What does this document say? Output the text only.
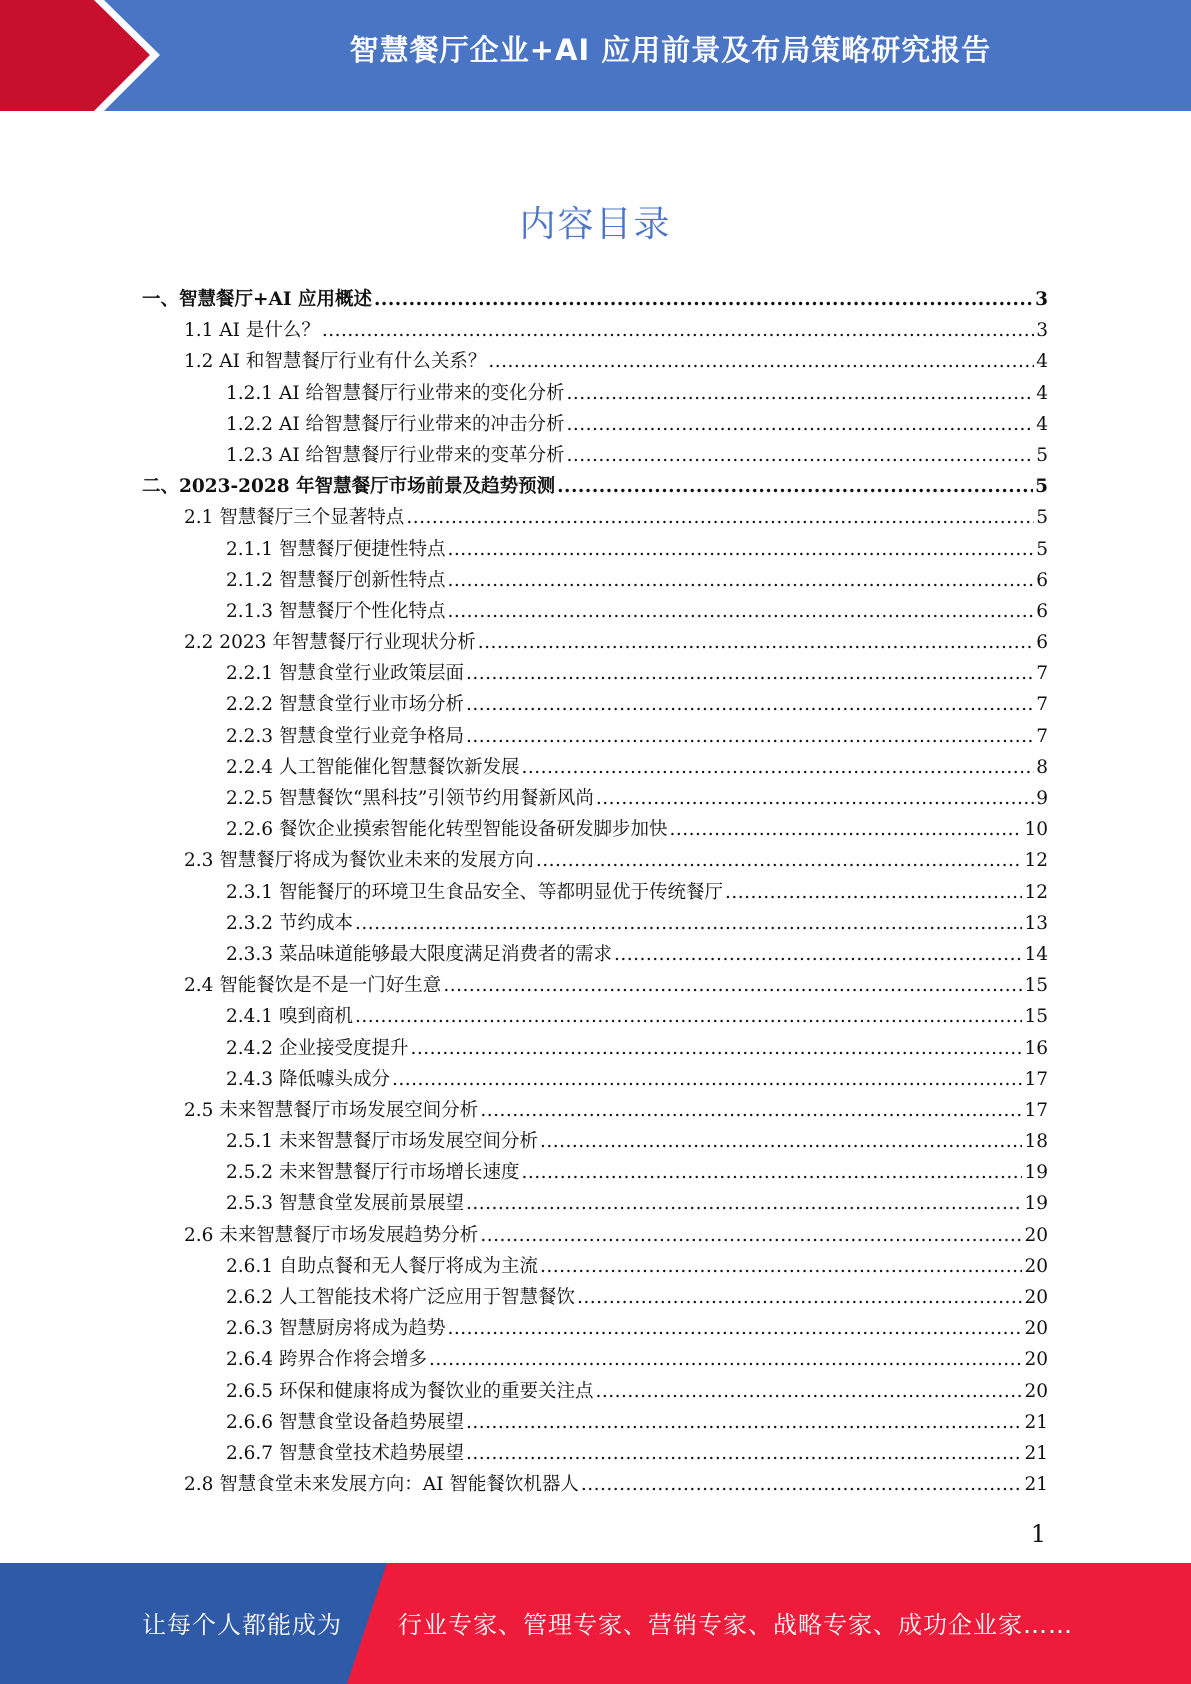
智慧餐厅企业+AI 应用前景及布局策略研究报告
内容目录
一、智慧餐厅+AI 应用概述 .....	3
1.1 AI 是什么？ .....	3
1.2 AI 和智慧餐厅行业有什么关系？ .....	4
1.2.1 AI 给智慧餐厅行业带来的变化分析 .....	4
1.2.2 AI 给智慧餐厅行业带来的冲击分析 .....	4
1.2.3 AI 给智慧餐厅行业带来的变革分析 .....	5
二、2023-2028 年智慧餐厅市场前景及趋势预测 .....	5
2.1 智慧餐厅三个显著特点 .....	5
2.1.1 智慧餐厅便捷性特点 .....	5
2.1.2 智慧餐厅创新性特点 .....	6
2.1.3 智慧餐厅个性化特点 .....	6
2.2 2023 年智慧餐厅行业现状分析 .....	6
2.2.1 智慧食堂行业政策层面 .....	7
2.2.2 智慧食堂行业市场分析 .....	7
2.2.3 智慧食堂行业竞争格局 .....	7
2.2.4 人工智能催化智慧餐饮新发展 .....	8
2.2.5 智慧餐饮“黑科技”引领节约用餐新风尚 .....	9
2.2.6 餐饮企业摸索智能化转型智能设备研发脚步加快 .....	10
2.3 智慧餐厅将成为餐饮业未来的发展方向 .....	12
2.3.1 智能餐厅的环境卫生食品安全、等都明显优于传统餐厅 .....	12
2.3.2 节约成本 .....	13
2.3.3 菜品味道能够最大限度满足消费者的需求 .....	14
2.4 智能餐饮是不是一门好生意 .....	15
2.4.1 嗅到商机 .....	15
2.4.2 企业接受度提升 .....	16
2.4.3 降低噱头成分 .....	17
2.5 未来智慧餐厅市场发展空间分析 .....	17
2.5.1 未来智慧餐厅市场发展空间分析 .....	18
2.5.2 未来智慧餐厅行市场增长速度 .....	19
2.5.3 智慧食堂发展前景展望 .....	19
2.6 未来智慧餐厅市场发展趋势分析 .....	20
2.6.1 自助点餐和无人餐厅将成为主流 .....	20
2.6.2 人工智能技术将广泛应用于智慧餐饮 .....	20
2.6.3 智慧厨房将成为趋势 .....	20
2.6.4 跨界合作将会增多 .....	20
2.6.5 环保和健康将成为餐饮业的重要关注点 .....	20
2.6.6 智慧食堂设备趋势展望 .....	21
2.6.7 智慧食堂技术趋势展望 .....	21
2.8 智慧食堂未来发展方向：AI 智能餐饮机器人 .....	21
1
让每个人都能成为 行业专家、管理专家、营销专家、战略专家、成功企业家……
